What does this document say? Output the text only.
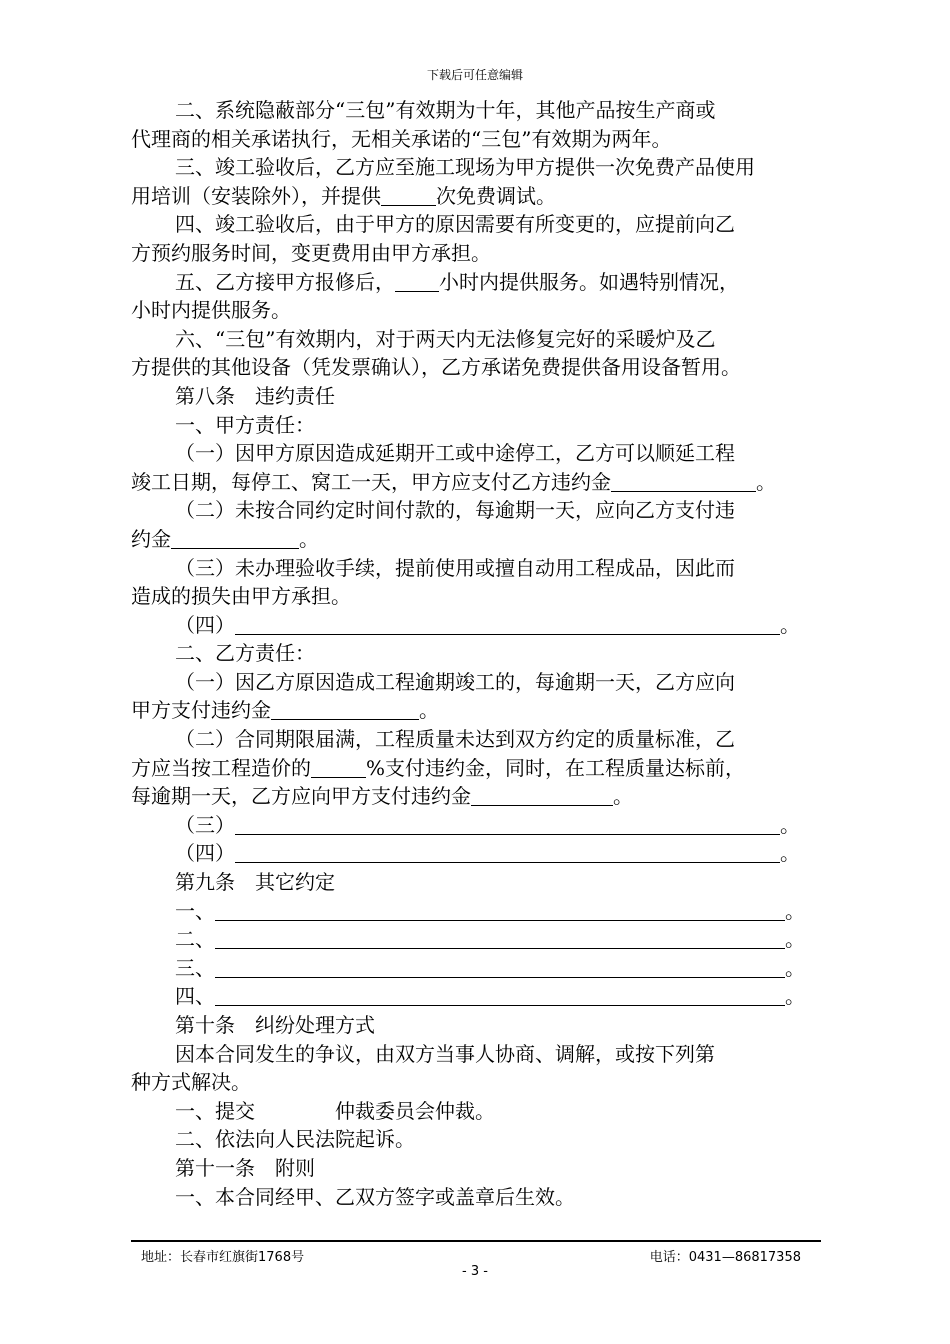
下载后可任意编辑

二、系统隐蔽部分“三包”有效期为十年，其他产品按生产商或

代理商的相关承诺执行，无相关承诺的“三包”有效期为两年。

三、竣工验收后，乙方应至施工现场为甲方提供一次免费产品使用

用培训（安装除外），并提供	次免费调试。

四、竣工验收后，由于甲方的原因需要有所变更的，应提前向乙

方预约服务时间，变更费用由甲方承担。

五、乙方接甲方报修后， 小时内提供服务。如遇特别情况，

小时内提供服务。

六、“三包”有效期内，对于两天内无法修复完好的采暖炉及乙

方提供的其他设备（凭发票确认），乙方承诺免费提供备用设备暂用。

第八条　违约责任

一、甲方责任：

（一）因甲方原因造成延期开工或中途停工，乙方可以顺延工程

竣工日期，每停工、窝工一天，甲方应支付乙方违约金	。

（二）未按合同约定时间付款的，每逾期一天，应向乙方支付违

约金	。

（三）未办理验收手续，提前使用或擅自动用工程成品，因此而

造成的损失由甲方承担。

（四）	。

二、乙方责任：

（一）因乙方原因造成工程逾期竣工的，每逾期一天，乙方应向

甲方支付违约金	。

（二）合同期限届满，工程质量未达到双方约定的质量标准，乙

方应当按工程造价的	%支付违约金，同时，在工程质量达标前，

每逾期一天，乙方应向甲方支付违约金	。

（三）	。

（四）	。

第九条　其它约定

一、	。

二、	。

三、	。

四、	。

第十条　纠纷处理方式

因本合同发生的争议，由双方当事人协商、调解，或按下列第

种方式解决。

一、提交　　　　仲裁委员会仲裁。

二、依法向人民法院起诉。

第十一条　附则

一、本合同经甲、乙双方签字或盖章后生效。

地址：长春市红旗街1768号	电话：0431—86817358
- 3 -
